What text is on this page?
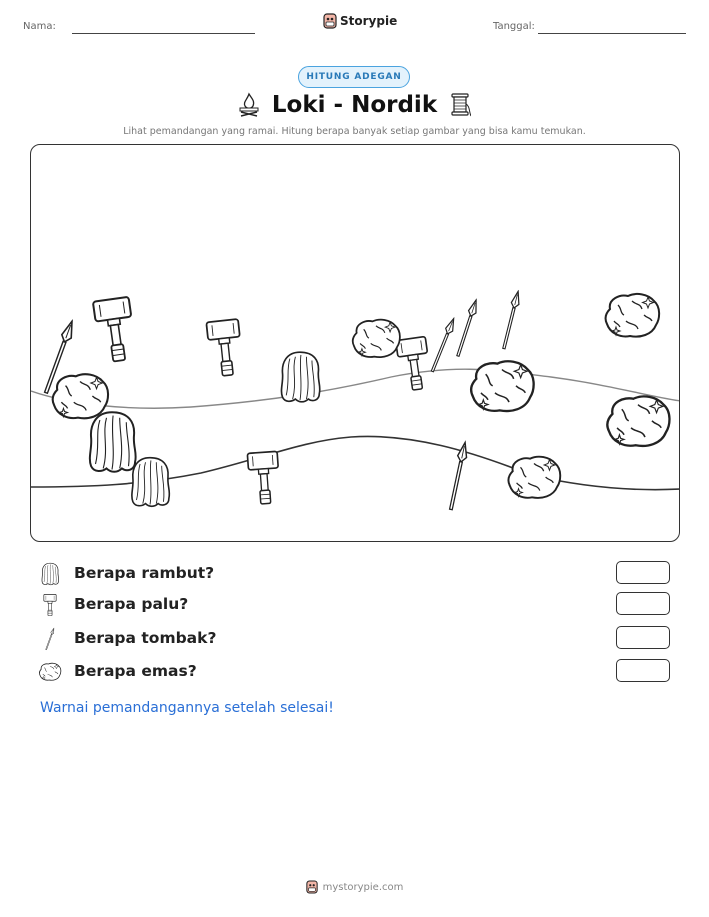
Nama:	Storypie	Tanggal:
HITUNG ADEGAN
Loki - Nordik
Lihat pemandangan yang ramai. Hitung berapa banyak setiap gambar yang bisa kamu temukan.
Berapa rambut?
Berapa palu?
Berapa tombak?
Berapa emas?
Warnai pemandangannya setelah selesai!
mystorypie.com
